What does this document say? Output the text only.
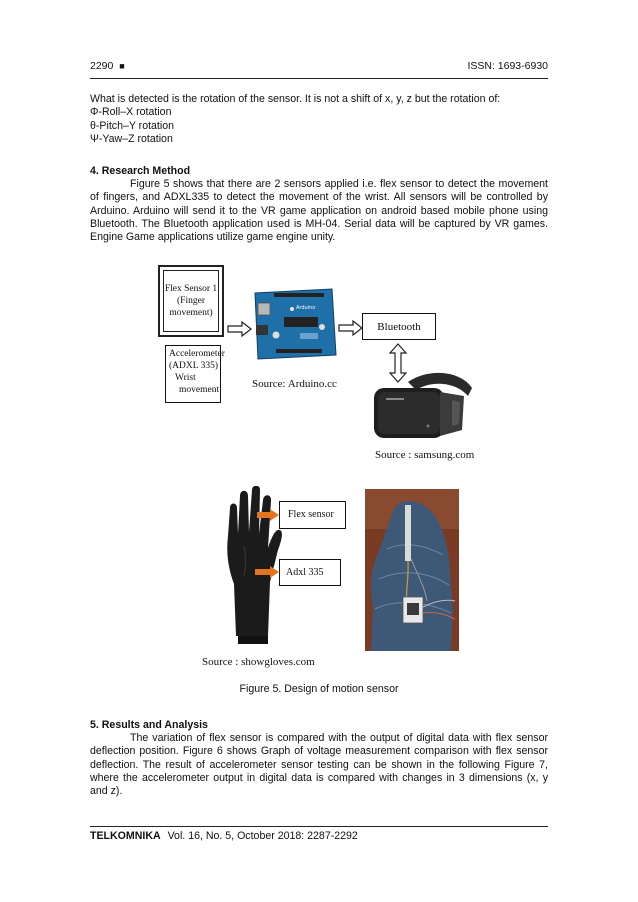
2290 ■	ISSN: 1693-6930
What is detected is the rotation of the sensor. It is not a shift of x, y, z but the rotation of:
Φ-Roll–X rotation
θ-Pitch–Y rotation
Ψ-Yaw–Z rotation
4. Research Method
Figure 5 shows that there are 2 sensors applied i.e. flex sensor to detect the movement of fingers, and ADXL335 to detect the movement of the wrist. All sensors will be controlled by Arduino. Arduino will send it to the VR game application on android based mobile phone using Bluetooth. The Bluetooth application used is MH-04. Serial data will be captured by VR games. Engine Game applications utilize game engine unity.
Flex Sensor 1
(Finger
movement)
Accelerometer
(ADXL 335)
Wrist
movement
Arduino
Source: Arduino.cc
Bluetooth
Source : samsung.com
Flex sensor
Adxl 335
Source : showgloves.com
Figure 5. Design of motion sensor
5. Results and Analysis
The variation of flex sensor is compared with the output of digital data with flex sensor deflection position. Figure 6 shows Graph of voltage measurement comparison with flex sensor deflection. The result of accelerometer sensor testing can be shown in the following Figure 7, where the accelerometer output in digital data is compared with changes in 3 dimensions (x, y and z).
TELKOMNIKA Vol. 16, No. 5, October 2018: 2287-2292
